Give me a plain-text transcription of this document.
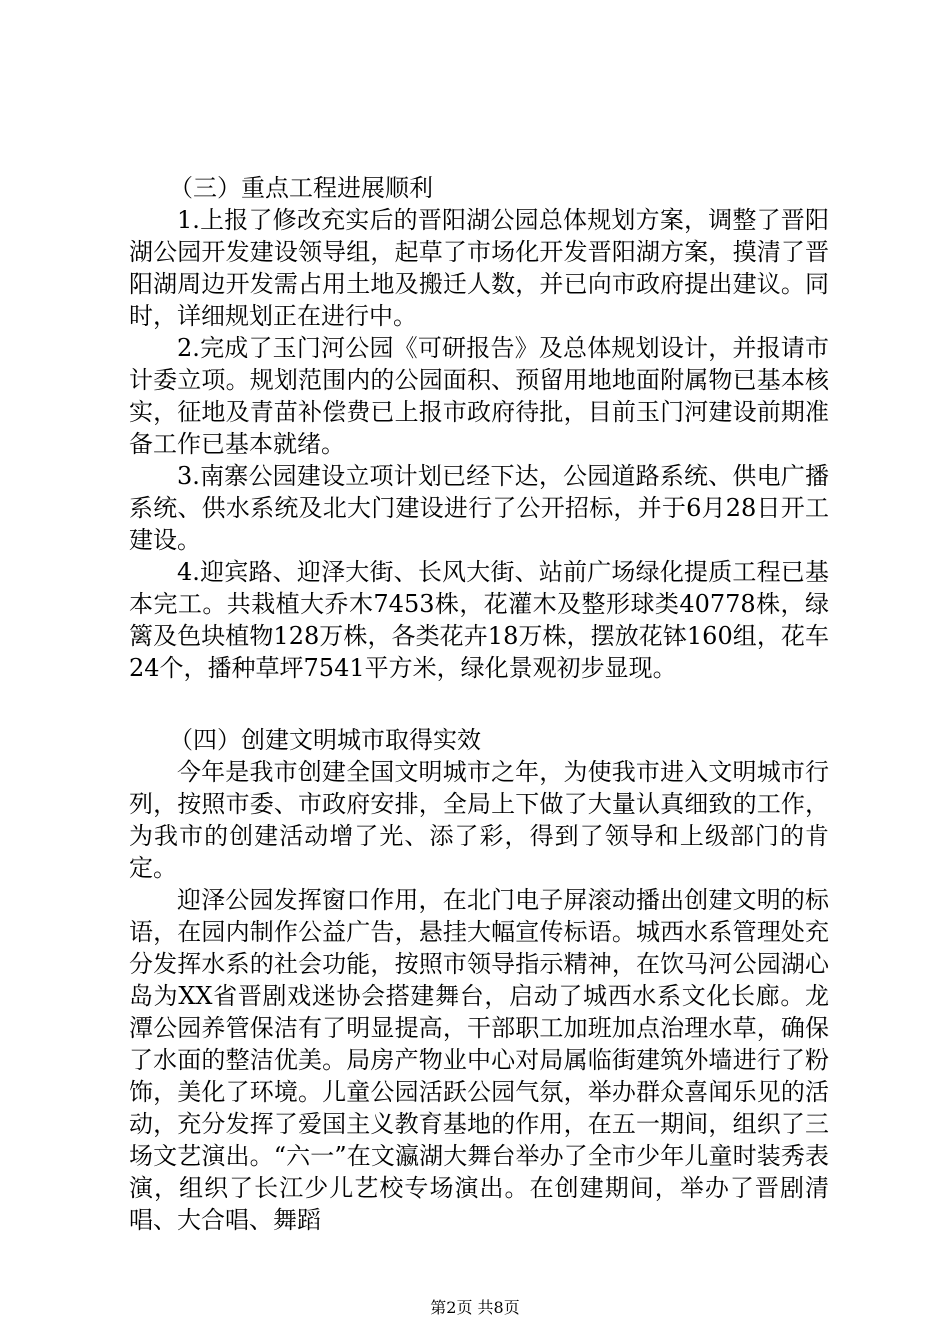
（三）重点工程进展顺利

1.上报了修改充实后的晋阳湖公园总体规划方案，调整了晋阳湖公园开发建设领导组，起草了市场化开发晋阳湖方案，摸清了晋阳湖周边开发需占用土地及搬迁人数，并已向市政府提出建议。同时，详细规划正在进行中。

2.完成了玉门河公园《可研报告》及总体规划设计，并报请市计委立项。规划范围内的公园面积、预留用地地面附属物已基本核实，征地及青苗补偿费已上报市政府待批，目前玉门河建设前期准备工作已基本就绪。

3.南寨公园建设立项计划已经下达，公园道路系统、供电广播系统、供水系统及北大门建设进行了公开招标，并于6月28日开工建设。

4.迎宾路、迎泽大街、长风大街、站前广场绿化提质工程已基本完工。共栽植大乔木7453株，花灌木及整形球类40778株，绿篱及色块植物128万株，各类花卉18万株，摆放花钵160组，花车24个，播种草坪7541平方米，绿化景观初步显现。

（四）创建文明城市取得实效

今年是我市创建全国文明城市之年，为使我市进入文明城市行列，按照市委、市政府安排，全局上下做了大量认真细致的工作，为我市的创建活动增了光、添了彩，得到了领导和上级部门的肯定。

迎泽公园发挥窗口作用，在北门电子屏滚动播出创建文明的标语，在园内制作公益广告，悬挂大幅宣传标语。城西水系管理处充分发挥水系的社会功能，按照市领导指示精神，在饮马河公园湖心岛为XX省晋剧戏迷协会搭建舞台，启动了城西水系文化长廊。龙潭公园养管保洁有了明显提高，干部职工加班加点治理水草，确保了水面的整洁优美。局房产物业中心对局属临街建筑外墙进行了粉饰，美化了环境。儿童公园活跃公园气氛，举办群众喜闻乐见的活动，充分发挥了爱国主义教育基地的作用，在五一期间，组织了三场文艺演出。“六一”在文瀛湖大舞台举办了全市少年儿童时装秀表演，组织了长江少儿艺校专场演出。在创建期间，举办了晋剧清唱、大合唱、舞蹈

第2页 共8页
